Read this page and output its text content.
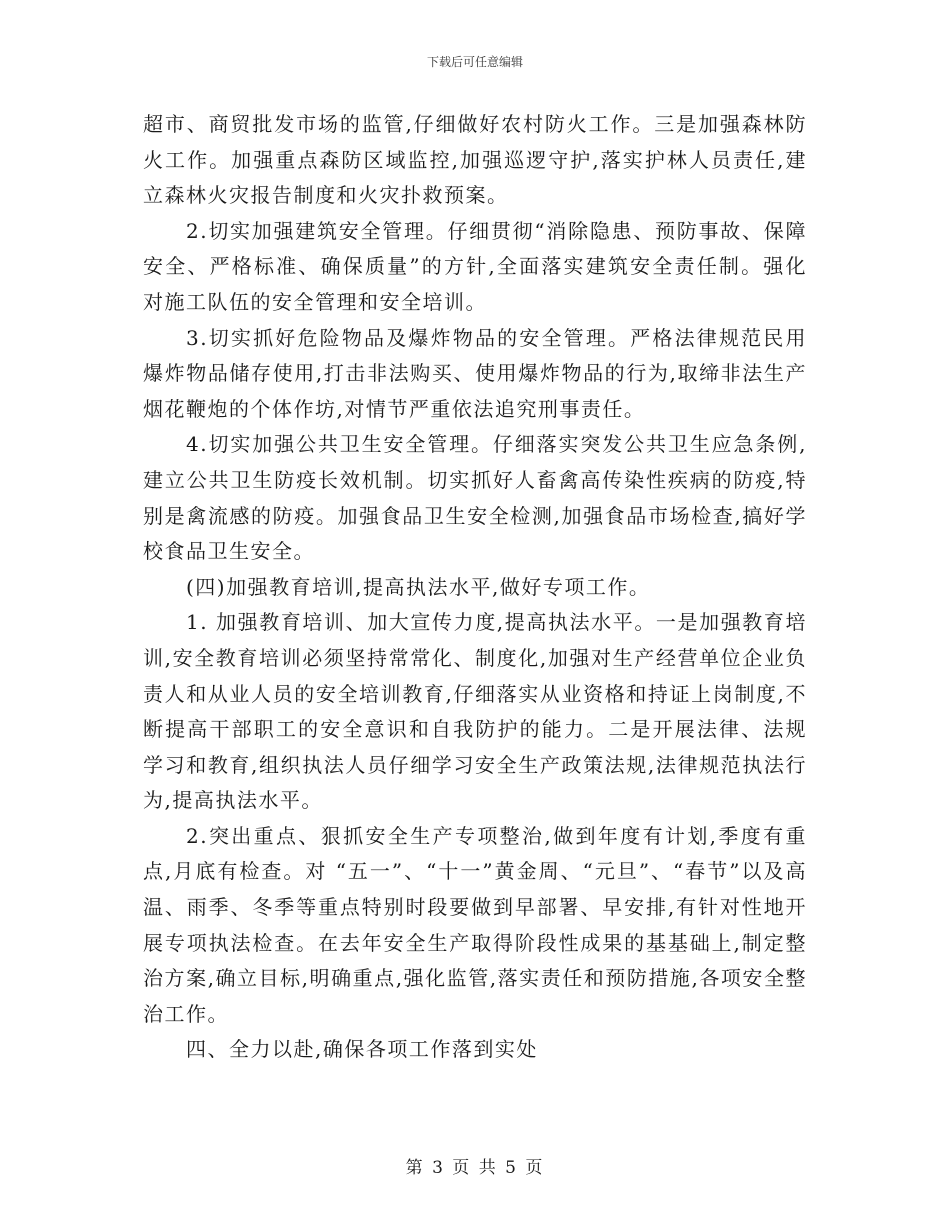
下载后可任意编辑

超市、商贸批发市场的监管,仔细做好农村防火工作。三是加强森林防火工作。加强重点森防区域监控,加强巡逻守护,落实护林人员责任,建立森林火灾报告制度和火灾扑救预案。

2.切实加强建筑安全管理。仔细贯彻“消除隐患、预防事故、保障安全、严格标准、确保质量”的方针,全面落实建筑安全责任制。强化对施工队伍的安全管理和安全培训。

3.切实抓好危险物品及爆炸物品的安全管理。严格法律规范民用爆炸物品储存使用,打击非法购买、使用爆炸物品的行为,取缔非法生产烟花鞭炮的个体作坊,对情节严重依法追究刑事责任。

4.切实加强公共卫生安全管理。仔细落实突发公共卫生应急条例,建立公共卫生防疫长效机制。切实抓好人畜禽高传染性疾病的防疫,特别是禽流感的防疫。加强食品卫生安全检测,加强食品市场检查,搞好学校食品卫生安全。

(四)加强教育培训,提高执法水平,做好专项工作。

1. 加强教育培训、加大宣传力度,提高执法水平。一是加强教育培训,安全教育培训必须坚持常常化、制度化,加强对生产经营单位企业负责人和从业人员的安全培训教育,仔细落实从业资格和持证上岗制度,不断提高干部职工的安全意识和自我防护的能力。二是开展法律、法规学习和教育,组织执法人员仔细学习安全生产政策法规,法律规范执法行为,提高执法水平。

2.突出重点、狠抓安全生产专项整治,做到年度有计划,季度有重点,月底有检查。对 “五一”、“十一”黄金周、“元旦”、“春节”以及高温、雨季、冬季等重点特别时段要做到早部署、早安排,有针对性地开展专项执法检查。在去年安全生产取得阶段性成果的基基础上,制定整治方案,确立目标,明确重点,强化监管,落实责任和预防措施,各项安全整治工作。

四、全力以赴,确保各项工作落到实处

第 3 页 共 5 页
